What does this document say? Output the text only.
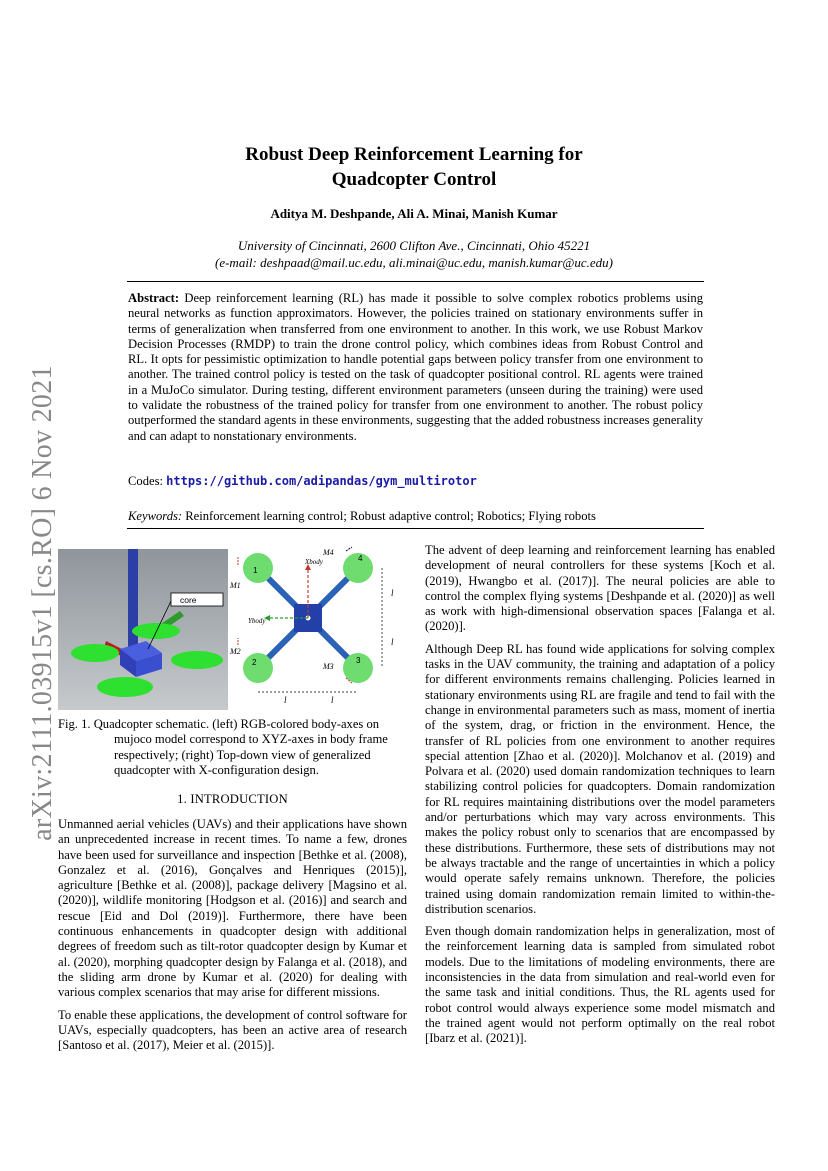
arXiv:2111.03915v1 [cs.RO] 6 Nov 2021
Robust Deep Reinforcement Learning for
Quadcopter Control
Aditya M. Deshpande, Ali A. Minai, Manish Kumar
University of Cincinnati, 2600 Clifton Ave., Cincinnati, Ohio 45221
(e-mail: deshpaad@mail.uc.edu, ali.minai@uc.edu, manish.kumar@uc.edu)
Abstract: Deep reinforcement learning (RL) has made it possible to solve complex robotics problems using neural networks as function approximators. However, the policies trained on stationary environments suffer in terms of generalization when transferred from one environment to another. In this work, we use Robust Markov Decision Processes (RMDP) to train the drone control policy, which combines ideas from Robust Control and RL. It opts for pessimistic optimization to handle potential gaps between policy transfer from one environment to another. The trained control policy is tested on the task of quadcopter positional control. RL agents were trained in a MuJoCo simulator. During testing, different environment parameters (unseen during the training) were used to validate the robustness of the trained policy for transfer from one environment to another. The robust policy outperformed the standard agents in these environments, suggesting that the added robustness increases generality and can adapt to nonstationary environments.
Codes: https://github.com/adipandas/gym_multirotor
Keywords: Reinforcement learning control; Robust adaptive control; Robotics; Flying robots
core
1
2	3
4
Xbody
Ybody
M4
M1
M2
M3
l
l
l	l
Fig. 1. Quadcopter schematic. (left) RGB-colored body-axes on mujoco model correspond to XYZ-axes in body frame respectively; (right) Top-down view of generalized quadcopter with X-configuration design.
1. INTRODUCTION

Unmanned aerial vehicles (UAVs) and their applications have shown an unprecedented increase in recent times. To name a few, drones have been used for surveillance and inspection [Bethke et al. (2008), Gonzalez et al. (2016), Gonçalves and Henriques (2015)], agriculture [Bethke et al. (2008)], package delivery [Magsino et al. (2020)], wildlife monitoring [Hodgson et al. (2016)] and search and rescue [Eid and Dol (2019)]. Furthermore, there have been continuous enhancements in quadcopter design with additional degrees of freedom such as tilt-rotor quadcopter design by Kumar et al. (2020), morphing quadcopter design by Falanga et al. (2018), and the sliding arm drone by Kumar et al. (2020) for dealing with various complex scenarios that may arise for different missions.

To enable these applications, the development of control software for UAVs, especially quadcopters, has been an active area of research [Santoso et al. (2017), Meier et al. (2015)].

The advent of deep learning and reinforcement learning has enabled development of neural controllers for these systems [Koch et al. (2019), Hwangbo et al. (2017)]. The neural policies are able to control the complex flying systems [Deshpande et al. (2020)] as well as work with high-dimensional observation spaces [Falanga et al. (2020)].

Although Deep RL has found wide applications for solving complex tasks in the UAV community, the training and adaptation of a policy for different environments remains challenging. Policies learned in stationary environments using RL are fragile and tend to fail with the change in environmental parameters such as mass, moment of inertia of the system, drag, or friction in the environment. Hence, the transfer of RL policies from one environment to another requires special attention [Zhao et al. (2020)]. Molchanov et al. (2019) and Polvara et al. (2020) used domain randomization techniques to learn stabilizing control policies for quadcopters. Domain randomization for RL requires maintaining distributions over the model parameters and/or perturbations which may vary across environments. This makes the policy robust only to scenarios that are encompassed by these distributions. Furthermore, these sets of distributions may not be always tractable and the range of uncertainties in which a policy would operate safely remains unknown. Therefore, the policies trained using domain randomization remain limited to within-the-distribution scenarios.

Even though domain randomization helps in generalization, most of the reinforcement learning data is sampled from simulated robot models. Due to the limitations of modeling environments, there are inconsistencies in the data from simulation and real-world even for the same task and initial conditions. Thus, the RL agents used for robot control would always experience some model mismatch and the trained agent would not perform optimally on the real robot [Ibarz et al. (2021)].
